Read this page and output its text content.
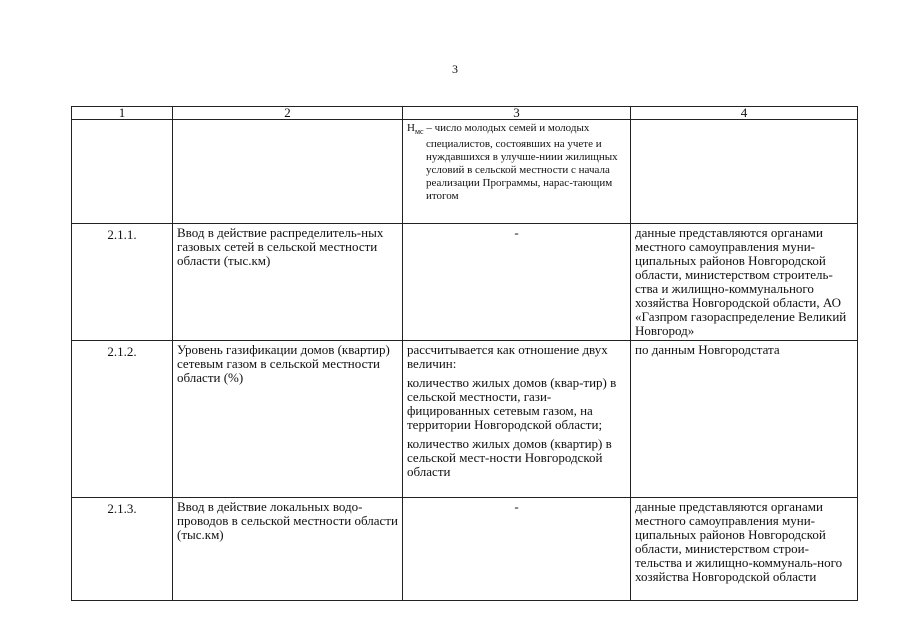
3
1	2	3	4

		$Н_{мс}$ – число молодых семей и молодых специалистов, состоявших на учете и нуждавшихся в улучше-ниии жилищных условий в сельской местности с начала реализации Программы, нарас-тающим итогом	

2.1.1.	Ввод в действие распределитель-ных газовых сетей в сельской местности области (тыс.км)	-	данные представляются органами местного самоуправления муни-ципальных районов Новгородской области, министерством строитель-ства и жилищно-коммунального хозяйства Новгородской области, АО «Газпром газораспределение Великий Новгород»
2.1.2.	Уровень газификации домов (квартир) сетевым газом в сельской местности области (%)	рассчитывается как отношение двух величин:

количество жилых домов (квар-тир) в сельской местности, гази-фицированных сетевым газом, на территории Новгородской области;

количество жилых домов (квартир) в сельской мест-ности Новгородской области	по данным Новгородстата
2.1.3.	Ввод в действие локальных водо-проводов в сельской местности области (тыс.км)	-	данные представляются органами местного самоуправления муни-ципальных районов Новгородской области, министерством строи-тельства и жилищно-коммуналь-ного хозяйства Новгородской области
